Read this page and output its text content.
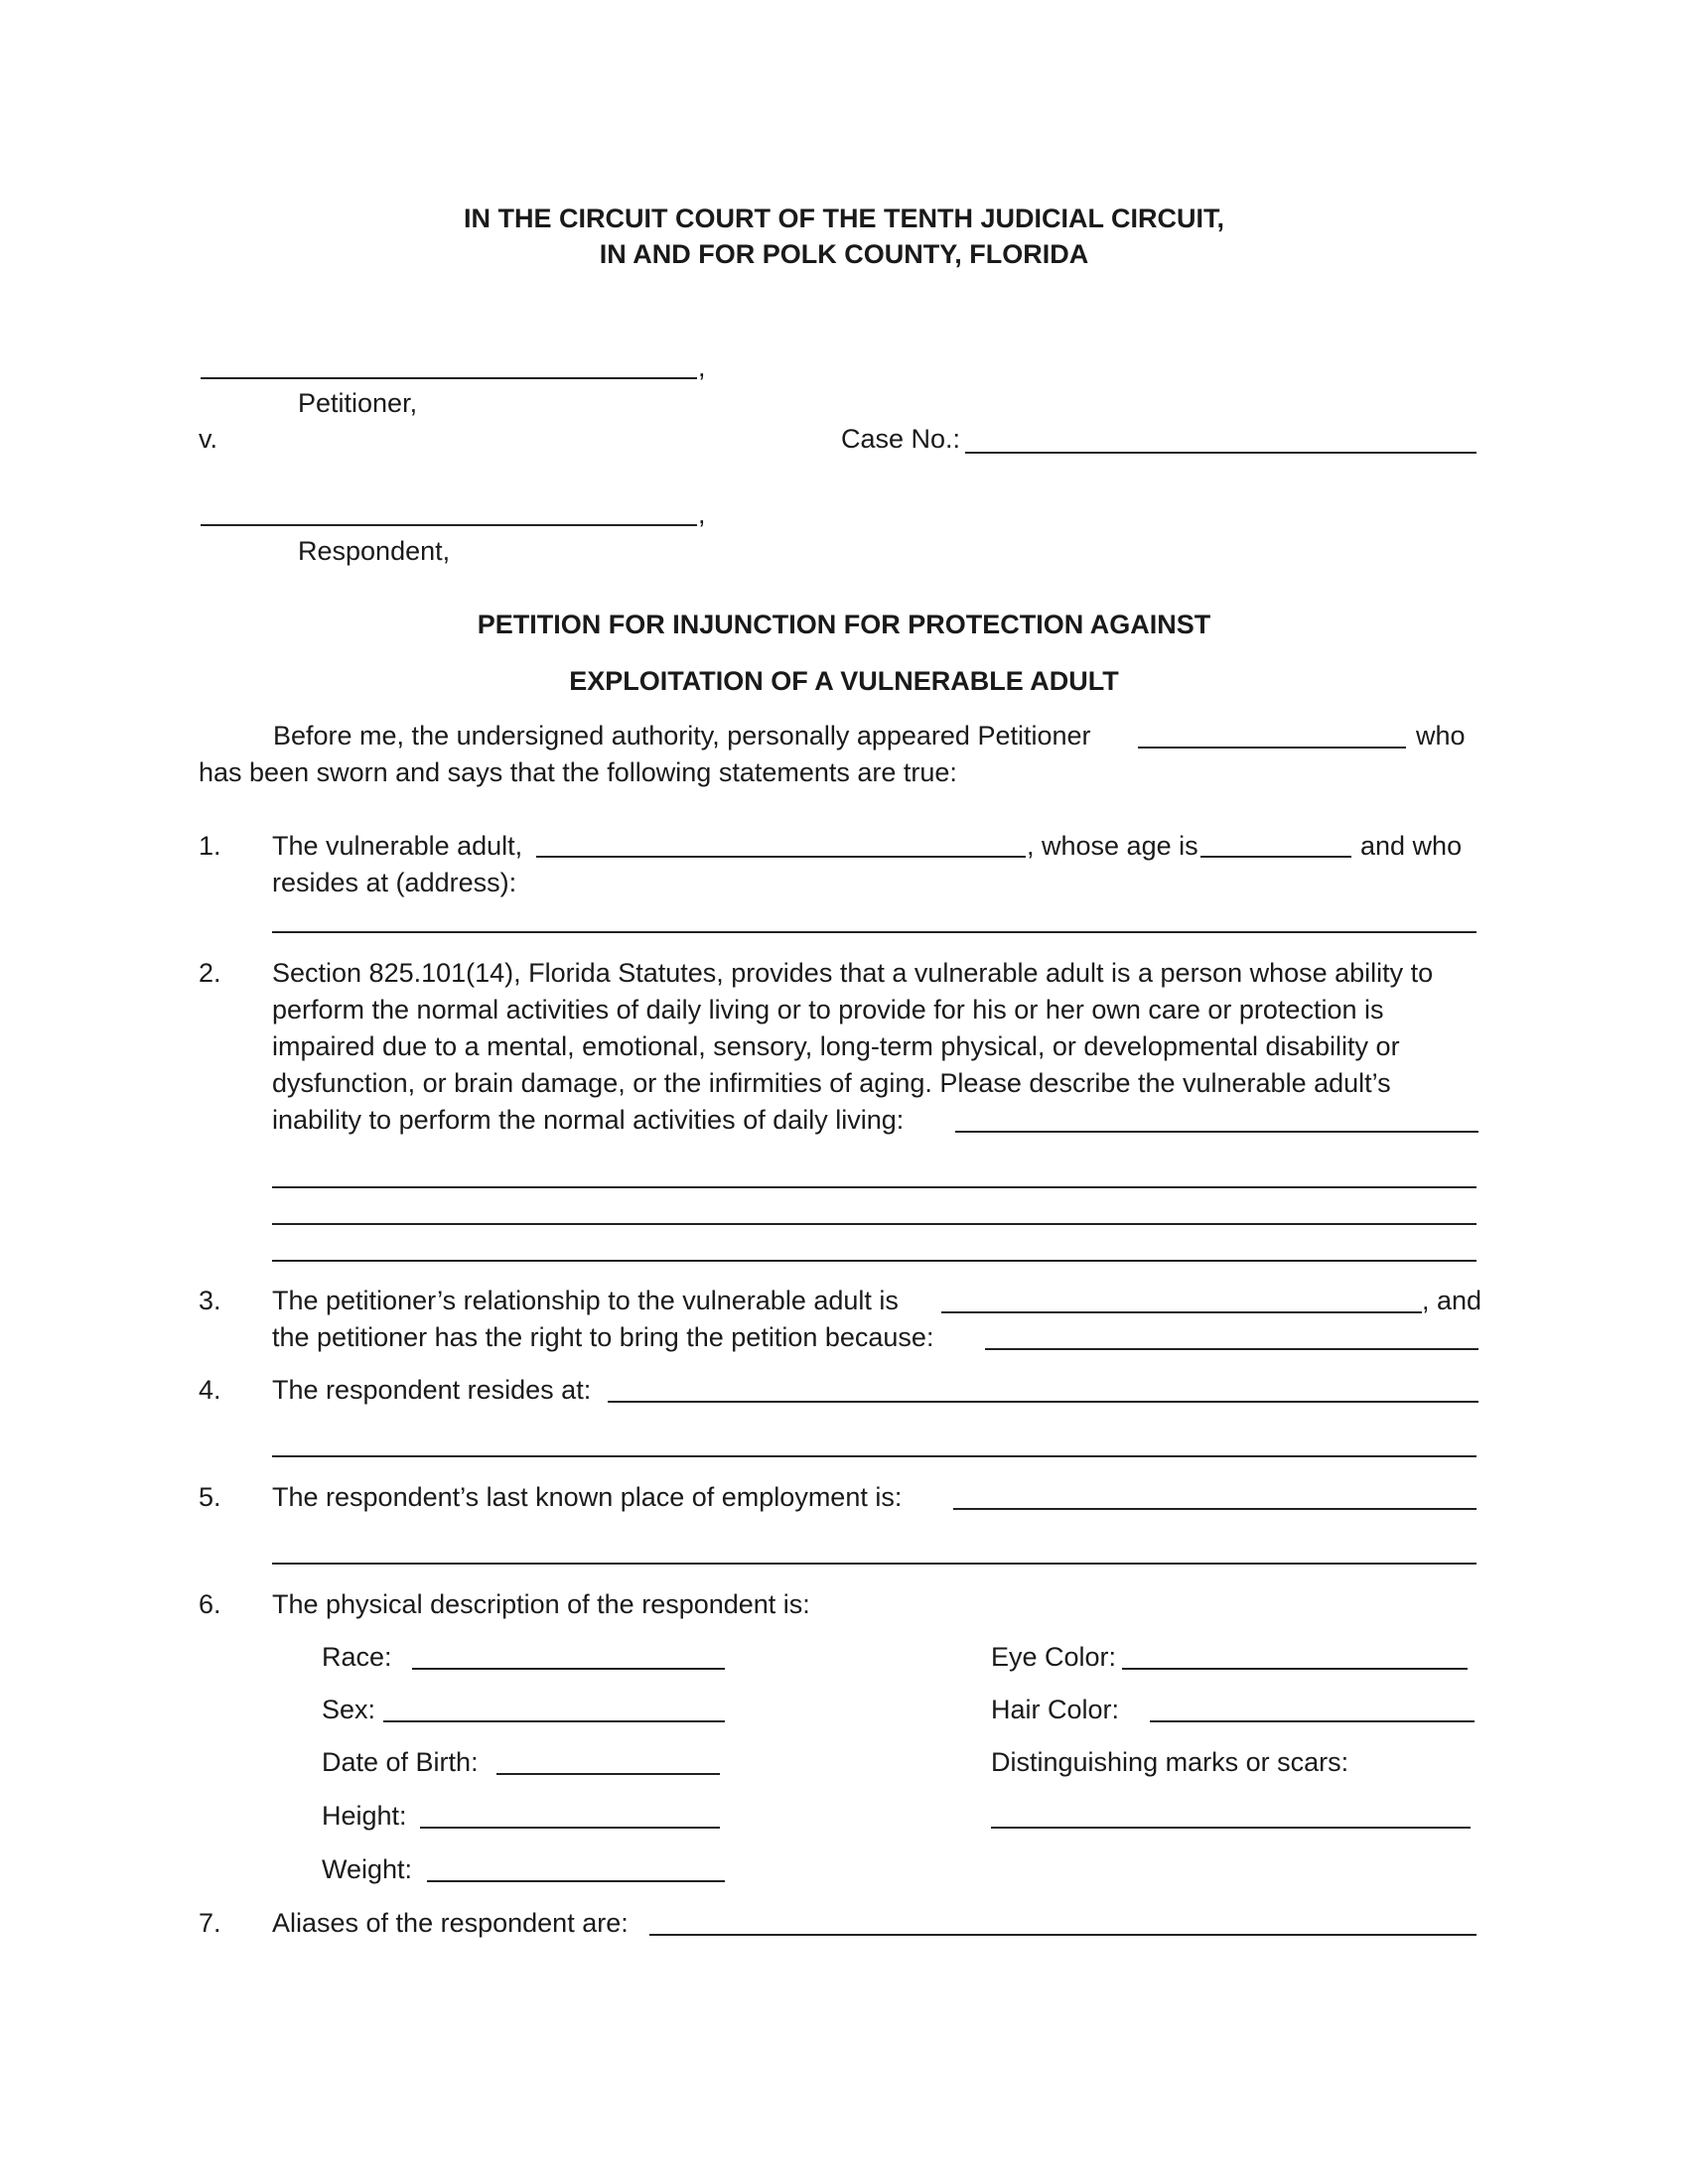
IN THE CIRCUIT COURT OF THE TENTH JUDICIAL CIRCUIT,
IN AND FOR POLK COUNTY, FLORIDA
,
Petitioner,
v.	Case No.:
,
Respondent,
PETITION FOR INJUNCTION FOR PROTECTION AGAINST
EXPLOITATION OF A VULNERABLE ADULT
Before me, the undersigned authority, personally appeared Petitioner	who
has been sworn and says that the following statements are true:
1. The vulnerable adult,	, whose age is	and who
resides at (address):
2. Section 825.101(14), Florida Statutes, provides that a vulnerable adult is a person whose ability to
perform the normal activities of daily living or to provide for his or her own care or protection is
impaired due to a mental, emotional, sensory, long-term physical, or developmental disability or
dysfunction, or brain damage, or the infirmities of aging. Please describe the vulnerable adult’s
inability to perform the normal activities of daily living:
3. The petitioner’s relationship to the vulnerable adult is	, and
the petitioner has the right to bring the petition because:
4. The respondent resides at:
5. The respondent’s last known place of employment is:
6. The physical description of the respondent is:
Race:	Eye Color:
Sex:	Hair Color:
Date of Birth:	Distinguishing marks or scars:
Height:
Weight:
7. Aliases of the respondent are:
